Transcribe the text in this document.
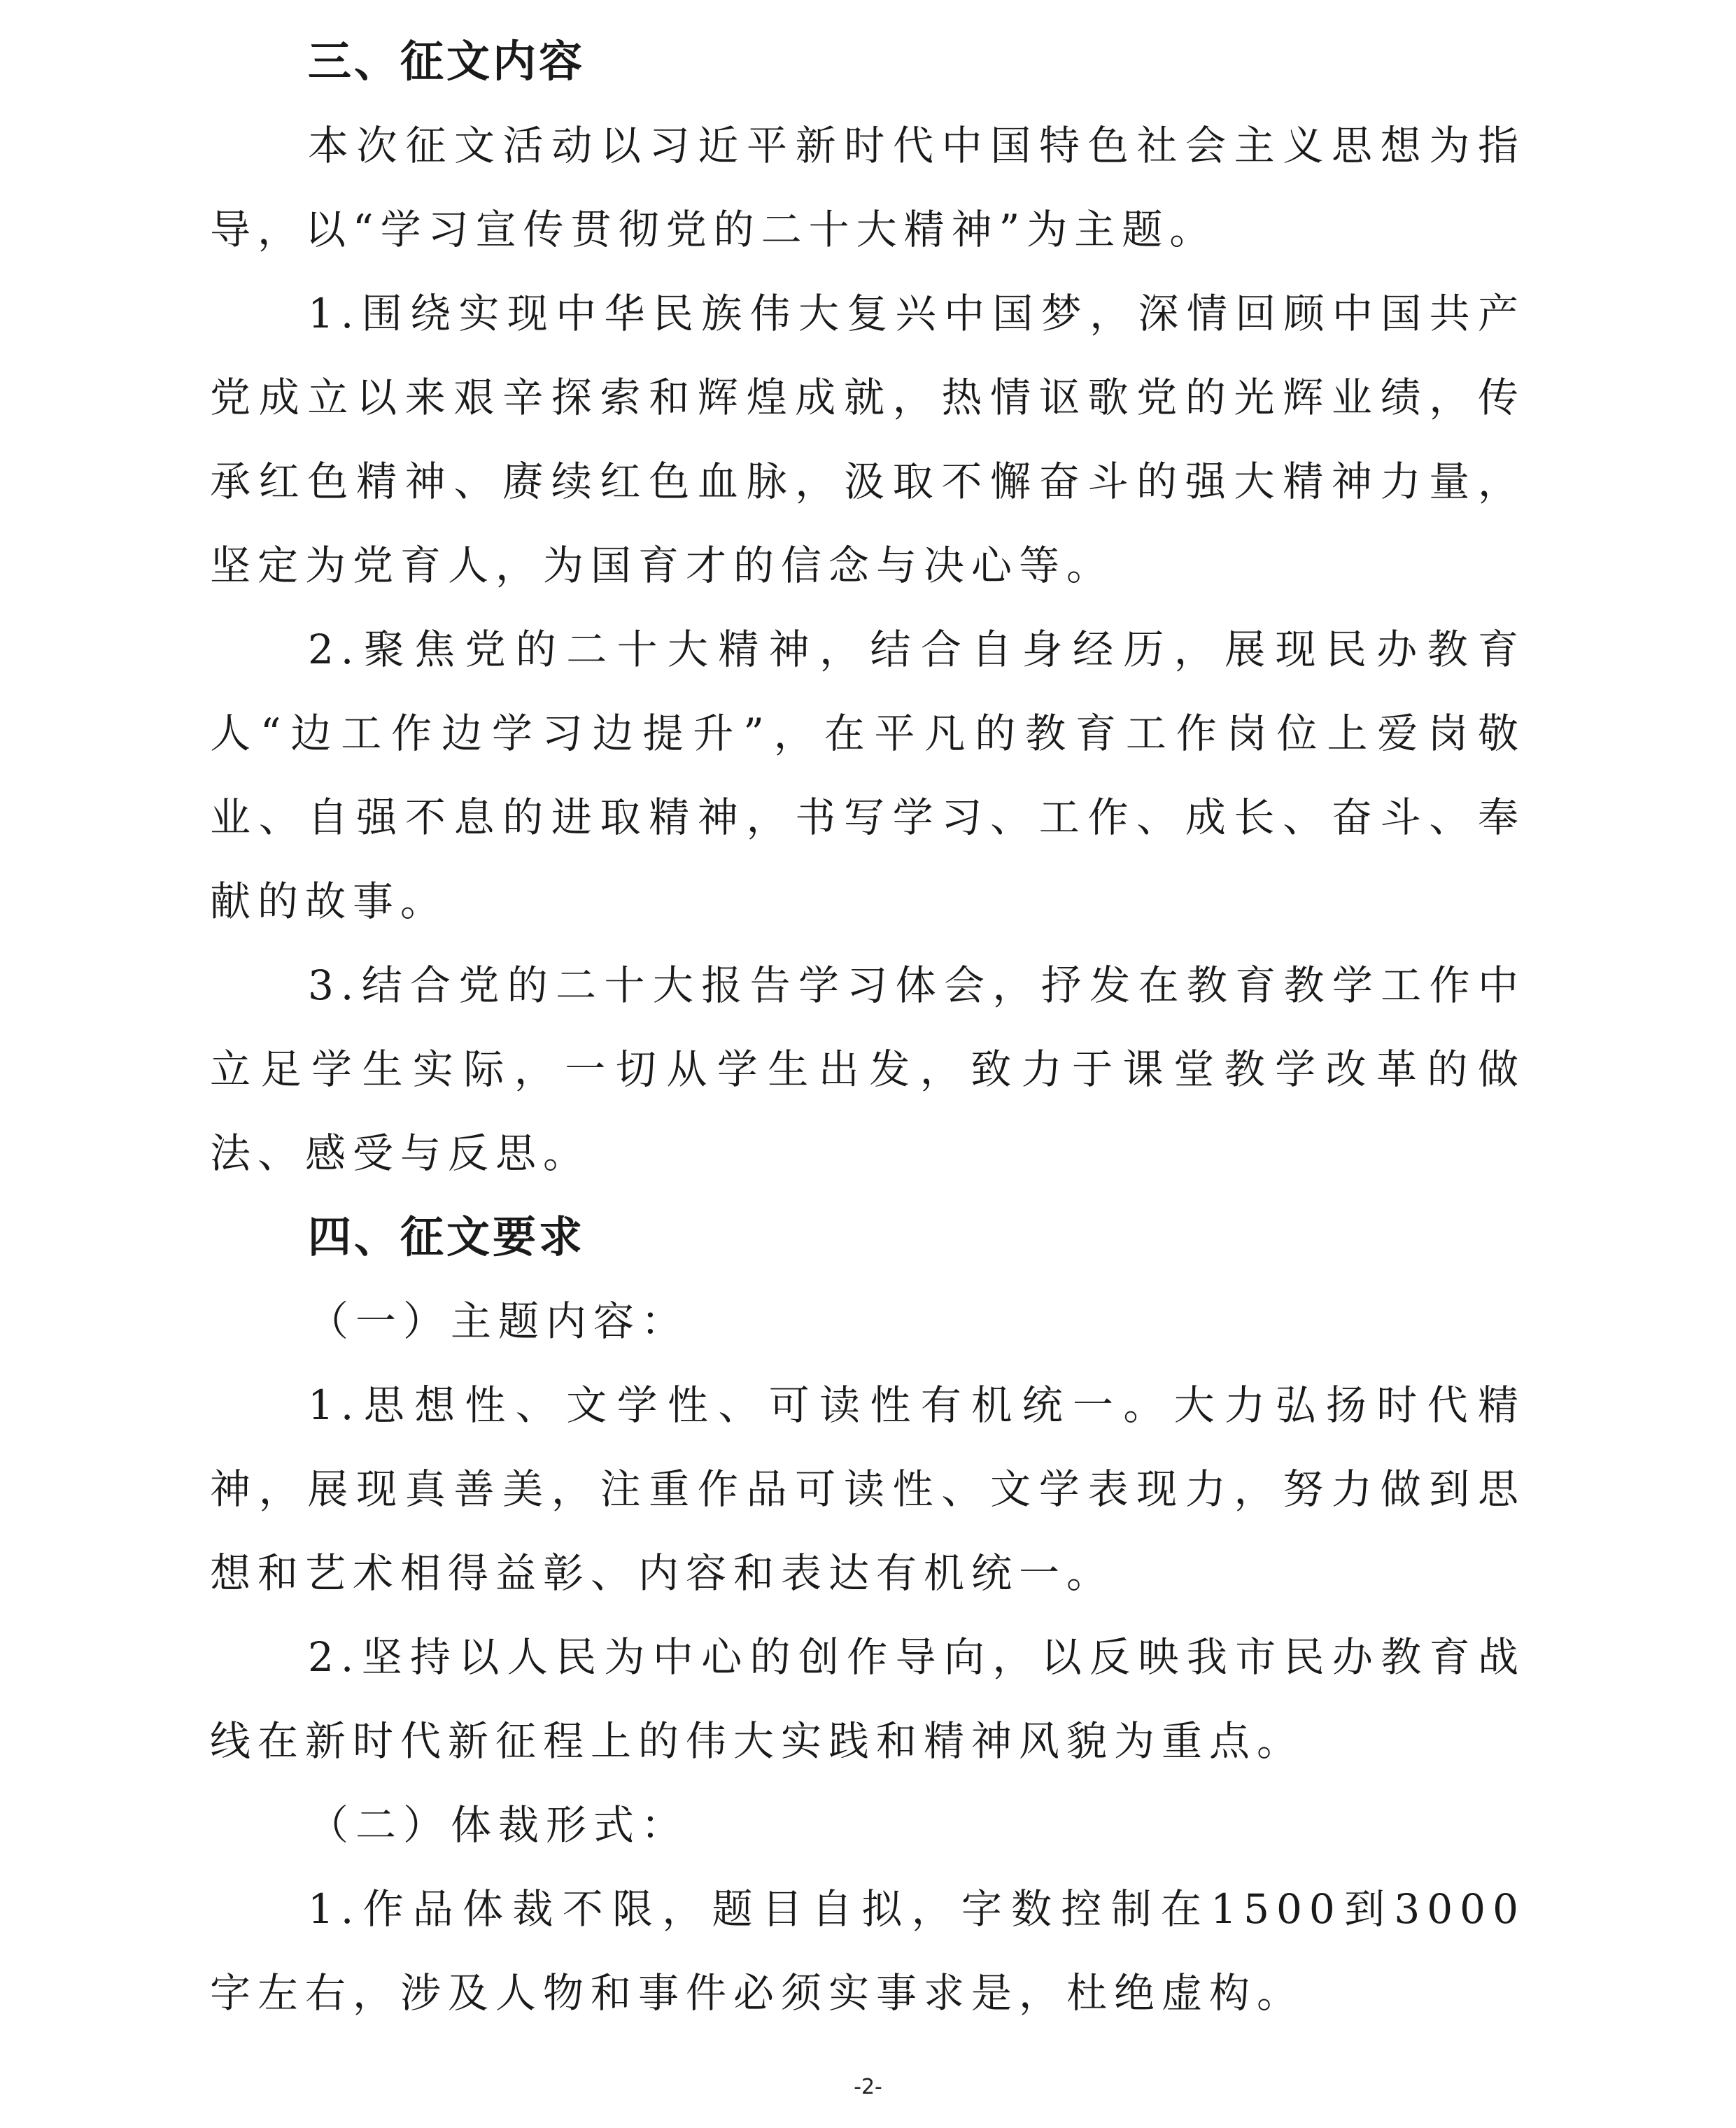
三、征文内容

本次征文活动以习近平新时代中国特色社会主义思想为指导，以“学习宣传贯彻党的二十大精神”为主题。

1.围绕实现中华民族伟大复兴中国梦，深情回顾中国共产党成立以来艰辛探索和辉煌成就，热情讴歌党的光辉业绩，传承红色精神、赓续红色血脉，汲取不懈奋斗的强大精神力量，坚定为党育人，为国育才的信念与决心等。

2.聚焦党的二十大精神，结合自身经历，展现民办教育人“边工作边学习边提升”，在平凡的教育工作岗位上爱岗敬业、自强不息的进取精神，书写学习、工作、成长、奋斗、奉献的故事。

3.结合党的二十大报告学习体会，抒发在教育教学工作中立足学生实际，一切从学生出发，致力于课堂教学改革的做法、感受与反思。

四、征文要求

（一）主题内容：

1.思想性、文学性、可读性有机统一。大力弘扬时代精神，展现真善美，注重作品可读性、文学表现力，努力做到思想和艺术相得益彰、内容和表达有机统一。

2.坚持以人民为中心的创作导向，以反映我市民办教育战线在新时代新征程上的伟大实践和精神风貌为重点。

（二）体裁形式：

1.作品体裁不限，题目自拟，字数控制在1500到3000字左右，涉及人物和事件必须实事求是，杜绝虚构。

-2-
